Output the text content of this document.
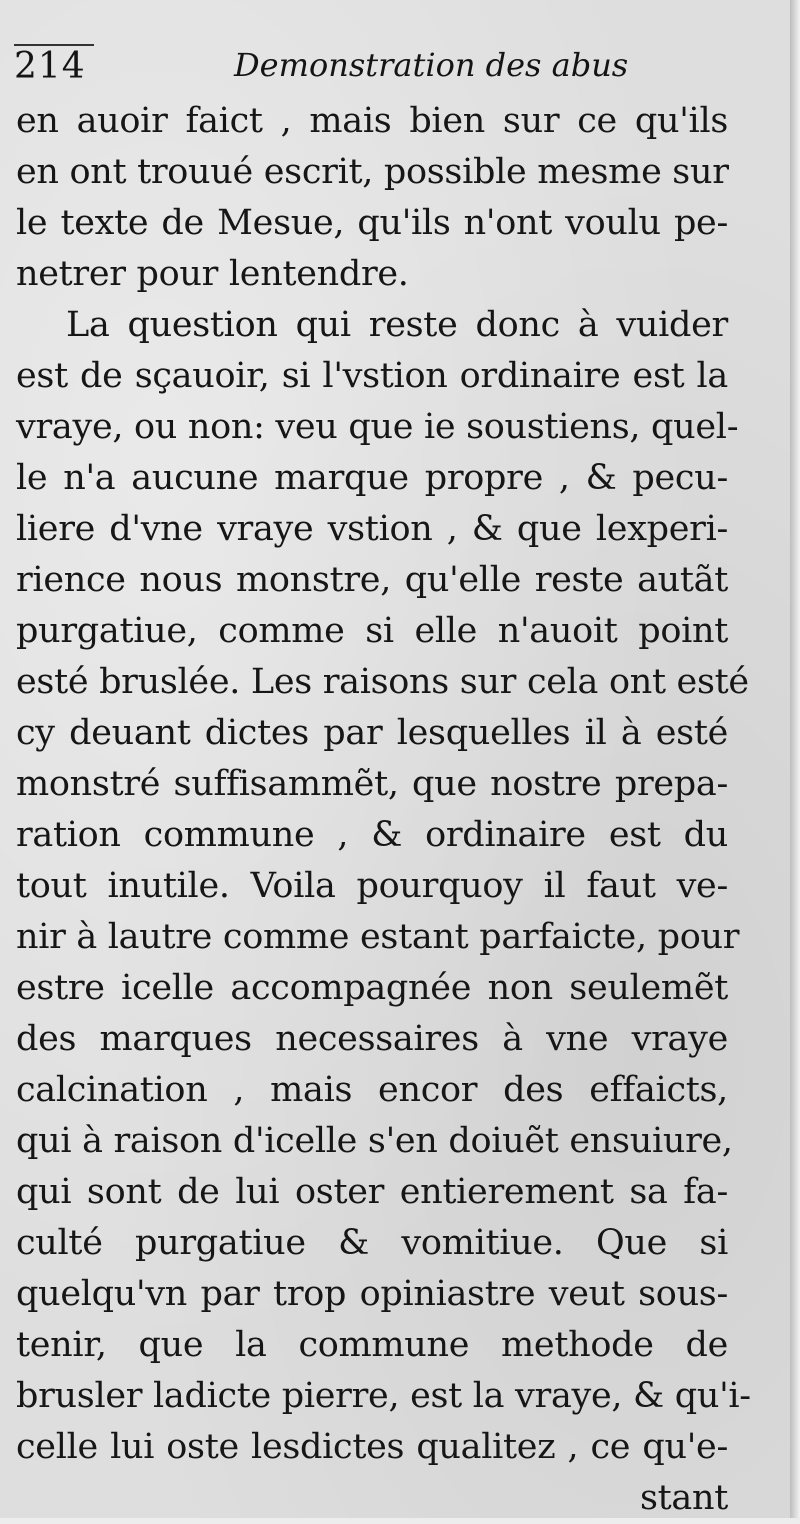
214	Demonstration des abus
en auoir faict , mais bien sur ce qu'ils
en ont trouué escrit, possible mesme sur
le texte de Mesue, qu'ils n'ont voulu pe-
netrer pour lentendre.
La question qui reste donc à vuider
est de sçauoir, si l'vstion ordinaire est la
vraye, ou non: veu que ie soustiens, quel-
le n'a aucune marque propre , & pecu-
liere d'vne vraye vstion , & que lexperi-
rience nous monstre, qu'elle reste autãt
purgatiue, comme si elle n'auoit point
esté bruslée. Les raisons sur cela ont esté
cy deuant dictes par lesquelles il à esté
monstré suffisammẽt, que nostre prepa-
ration commune , & ordinaire est du
tout inutile. Voila pourquoy il faut ve-
nir à lautre comme estant parfaicte, pour
estre icelle accompagnée non seulemẽt
des marques necessaires à vne vraye
calcination , mais encor des effaicts,
qui à raison d'icelle s'en doiuẽt ensuiure,
qui sont de lui oster entierement sa fa-
culté purgatiue & vomitiue. Que si
quelqu'vn par trop opiniastre veut sous-
tenir, que la commune methode de
brusler ladicte pierre, est la vraye, & qu'i-
celle lui oste lesdictes qualitez , ce qu'e-
stant
